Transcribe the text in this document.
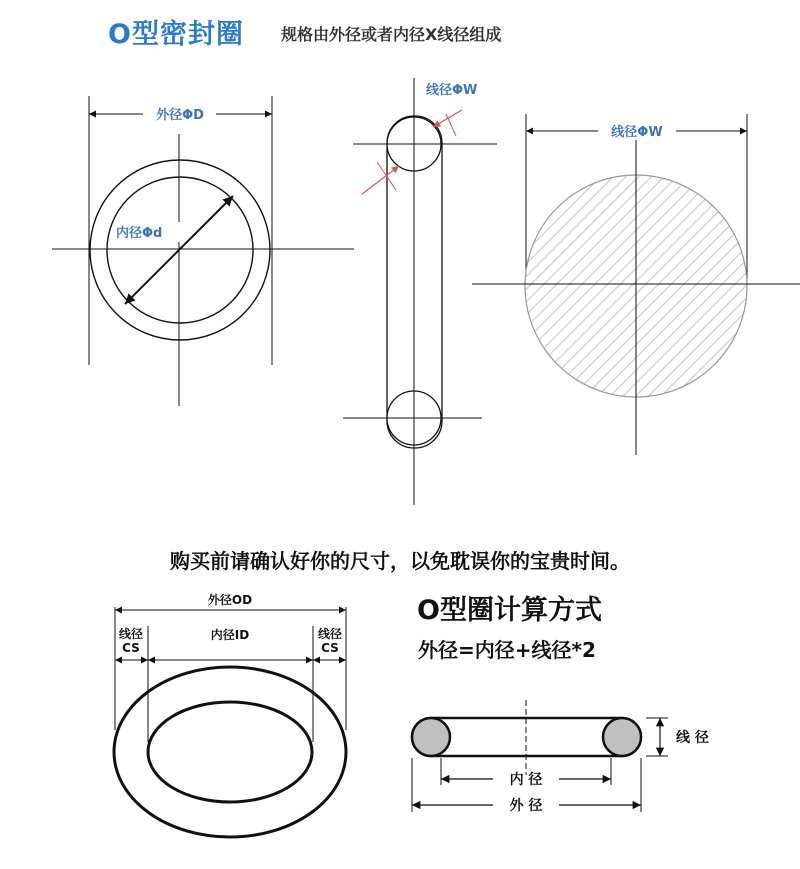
O型密封圈 规格由外径或者内径X线径组成
外径ΦD
内径Φd
线径ΦW
线径ΦW
外径OD
线径
CS
内径ID	线径
CS
线 径
内 径
外 径
购买前请确认好你的尺寸，以免耽误你的宝贵时间。
O型圈计算方式
外径=内径+线径*2
